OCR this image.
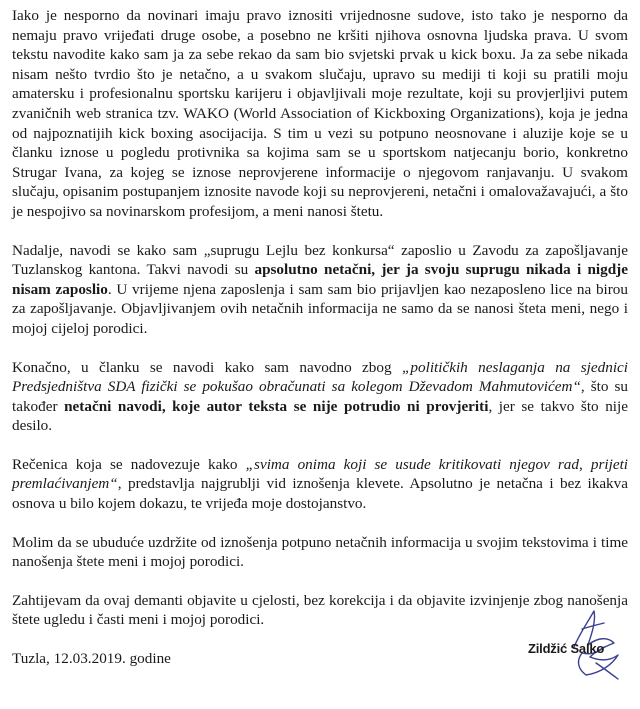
Iako je nesporno da novinari imaju pravo iznositi vrijednosne sudove, isto tako je nesporno da nemaju pravo vrijeđati druge osobe, a posebno ne kršiti njihova osnovna ljudska prava. U svom tekstu navodite kako sam ja za sebe rekao da sam bio svjetski prvak u kick boxu. Ja za sebe nikada nisam nešto tvrdio što je netačno, a u svakom slučaju, upravo su mediji ti koji su pratili moju amatersku i profesionalnu sportsku karijeru i objavljivali moje rezultate, koji su provjerljivi putem zvaničnih web stranica tzv. WAKO (World Association of Kickboxing Organizations), koja je jedna od najpoznatijih kick boxing asocijacija. S tim u vezi su potpuno neosnovane i aluzije koje se u članku iznose u pogledu protivnika sa kojima sam se u sportskom natjecanju borio, konkretno Strugar Ivana, za kojeg se iznose neprovjerene informacije o njegovom ranjavanju. U svakom slučaju, opisanim postupanjem iznosite navode koji su neprovjereni, netačni i omalovažavajući, a što je nespojivo sa novinarskom profesijom, a meni nanosi štetu.

Nadalje, navodi se kako sam „suprugu Lejlu bez konkursa“ zaposlio u Zavodu za zapošljavanje Tuzlanskog kantona. Takvi navodi su apsolutno netačni, jer ja svoju suprugu nikada i nigdje nisam zaposlio. U vrijeme njena zaposlenja i sam sam bio prijavljen kao nezaposleno lice na birou za zapošljavanje. Objavljivanjem ovih netačnih informacija ne samo da se nanosi šteta meni, nego i mojoj cijeloj porodici.

Konačno, u članku se navodi kako sam navodno zbog „političkih neslaganja na sjednici Predsjedništva SDA fizički se pokušao obračunati sa kolegom Dževadom Mahmutovićem“, što su također netačni navodi, koje autor teksta se nije potrudio ni provjeriti, jer se takvo što nije desilo.

Rečenica koja se nadovezuje kako „svima onima koji se usude kritikovati njegov rad, prijeti premlaćivanjem“, predstavlja najgrublji vid iznošenja klevete. Apsolutno je netačna i bez ikakva osnova u bilo kojem dokazu, te vrijeđa moje dostojanstvo.

Molim da se ubuduće uzdržite od iznošenja potpuno netačnih informacija u svojim tekstovima i time nanošenja štete meni i mojoj porodici.

Zahtijevam da ovaj demanti objavite u cjelosti, bez korekcija i da objavite izvinjenje zbog nanošenja štete ugledu i časti meni i mojoj porodici.

Tuzla, 12.03.2019. godine

Zildžić Salko
